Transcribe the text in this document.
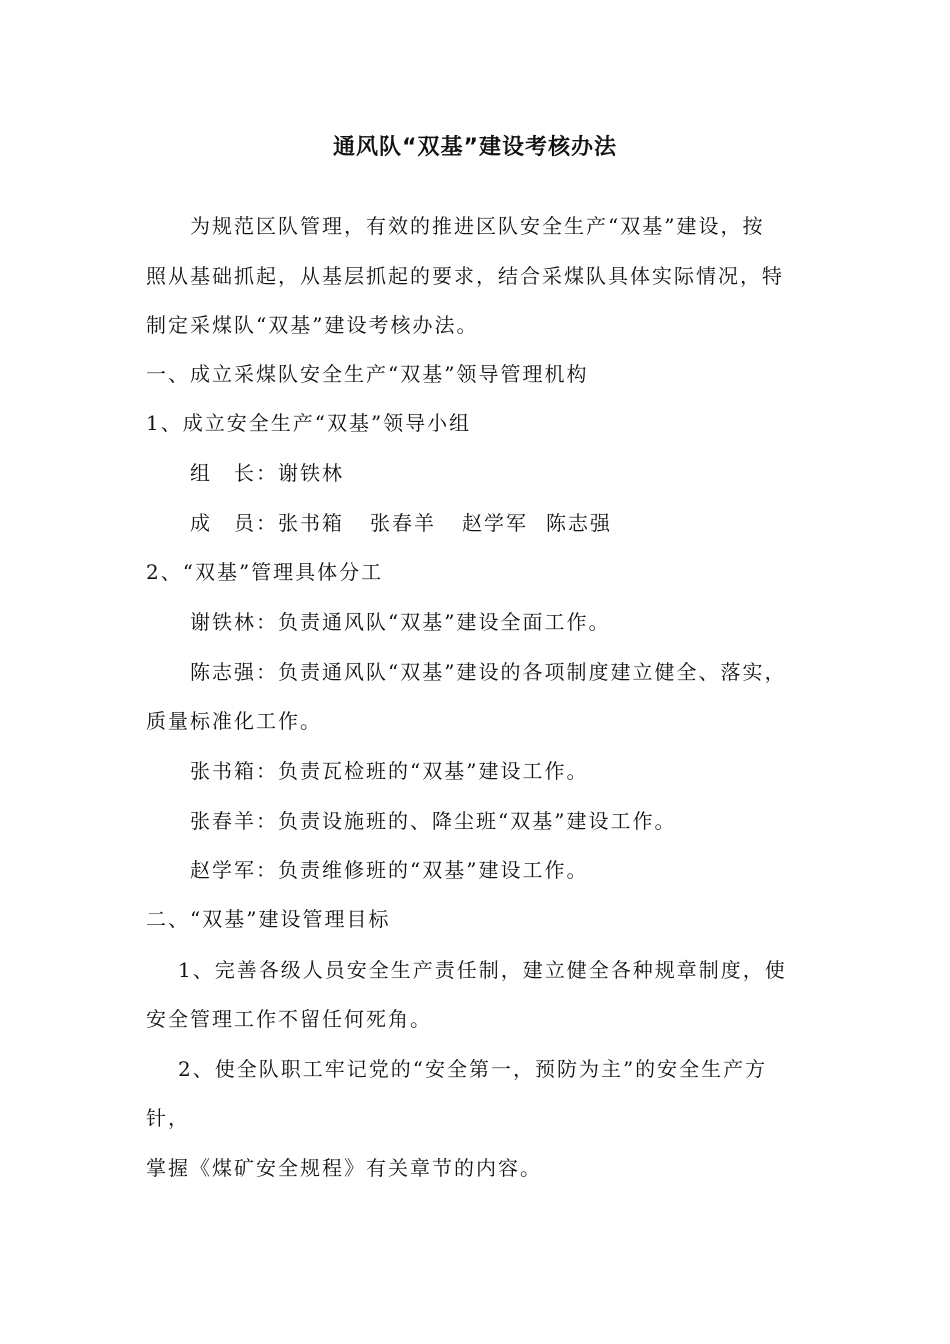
通风队“双基”建设考核办法
为规范区队管理，有效的推进区队安全生产“双基”建设，按
照从基础抓起，从基层抓起的要求，结合采煤队具体实际情况，特
制定采煤队“双基”建设考核办法。
一、成立采煤队安全生产“双基”领导管理机构
1、成立安全生产“双基”领导小组
组　长：谢铁林
成　员：张书箱 张春羊 赵学军 陈志强
2、“双基”管理具体分工
谢铁林：负责通风队“双基”建设全面工作。
陈志强：负责通风队“双基”建设的各项制度建立健全、落实，
质量标准化工作。
张书箱：负责瓦检班的“双基”建设工作。
张春羊：负责设施班的、降尘班“双基”建设工作。
赵学军：负责维修班的“双基”建设工作。
二、“双基”建设管理目标
1、完善各级人员安全生产责任制，建立健全各种规章制度，使
安全管理工作不留任何死角。
2、使全队职工牢记党的“安全第一，预防为主”的安全生产方
针，
掌握《煤矿安全规程》有关章节的内容。
